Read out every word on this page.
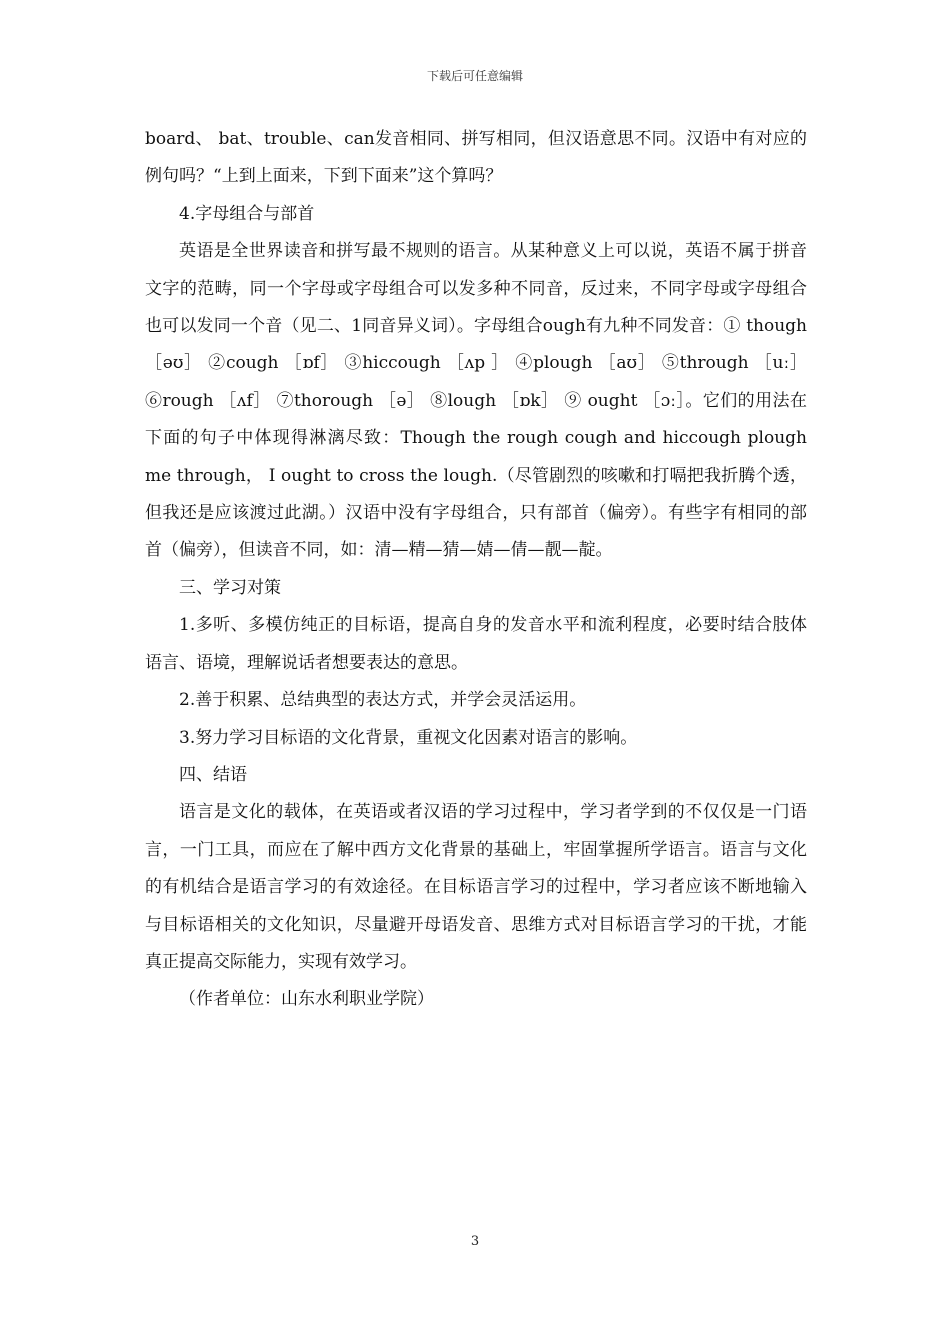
下载后可任意编辑

board、 bat、trouble、can发音相同、拼写相同，但汉语意思不同。汉语中有对应的例句吗？“上到上面来，下到下面来”这个算吗？

4.字母组合与部首

英语是全世界读音和拼写最不规则的语言。从某种意义上可以说，英语不属于拼音文字的范畴，同一个字母或字母组合可以发多种不同音，反过来，不同字母或字母组合也可以发同一个音（见二、1同音异义词）。字母组合ough有九种不同发音：① though ［əʊ］ ②cough ［ɒf］ ③hiccough ［ʌp ］ ④plough ［aʊ］ ⑤through ［uː］ ⑥rough ［ʌf］ ⑦thorough ［ə］ ⑧lough ［ɒk］ ⑨ ought ［ɔː］。它们的用法在下面的句子中体现得淋漓尽致：Though the rough cough and hiccough plough me through， I ought to cross the lough.（尽管剧烈的咳嗽和打嗝把我折腾个透，但我还是应该渡过此湖。）汉语中没有字母组合，只有部首（偏旁）。有些字有相同的部首（偏旁），但读音不同，如：清—精—猜—婧—倩—靓—靛。

三、学习对策

1.多听、多模仿纯正的目标语，提高自身的发音水平和流利程度，必要时结合肢体语言、语境，理解说话者想要表达的意思。

2.善于积累、总结典型的表达方式，并学会灵活运用。

3.努力学习目标语的文化背景，重视文化因素对语言的影响。

四、结语

语言是文化的载体，在英语或者汉语的学习过程中，学习者学到的不仅仅是一门语言，一门工具，而应在了解中西方文化背景的基础上，牢固掌握所学语言。语言与文化的有机结合是语言学习的有效途径。在目标语言学习的过程中，学习者应该不断地输入与目标语相关的文化知识，尽量避开母语发音、思维方式对目标语言学习的干扰，才能真正提高交际能力，实现有效学习。

（作者单位：山东水利职业学院）

3
